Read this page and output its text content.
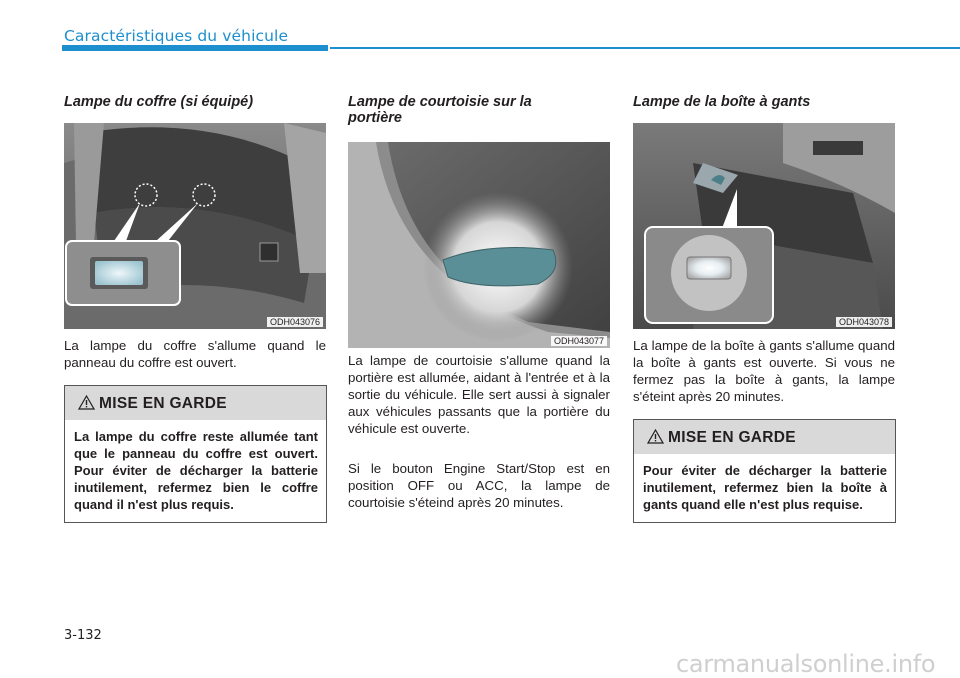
Caractéristiques du véhicule
Lampe du coffre (si équipé)
ODH043076

La lampe du coffre s'allume quand le panneau du coffre est ouvert.

MISE EN GARDE
La lampe du coffre reste allumée tant que le panneau du coffre est ouvert. Pour éviter de décharger la batterie inutilement, refermez bien le coffre quand il n'est plus requis.
Lampe de courtoisie sur la portière
ODH043077

La lampe de courtoisie s'allume quand la portière est allumée, aidant à l'entrée et à la sortie du véhicule. Elle sert aussi à signaler aux véhicules passants que la portière du véhicule est ouverte.

Si le bouton Engine Start/Stop est en position OFF ou ACC, la lampe de courtoisie s'éteind après 20 minutes.

Lampe de la boîte à gants
ODH043078

La lampe de la boîte à gants s'allume quand la boîte à gants est ouverte. Si vous ne fermez pas la boîte à gants, la lampe s'éteint après 20 minutes.

MISE EN GARDE
Pour éviter de décharger la batterie inutilement, refermez bien la boîte à gants quand elle n'est plus requise.
3-132
carmanualsonline.info
